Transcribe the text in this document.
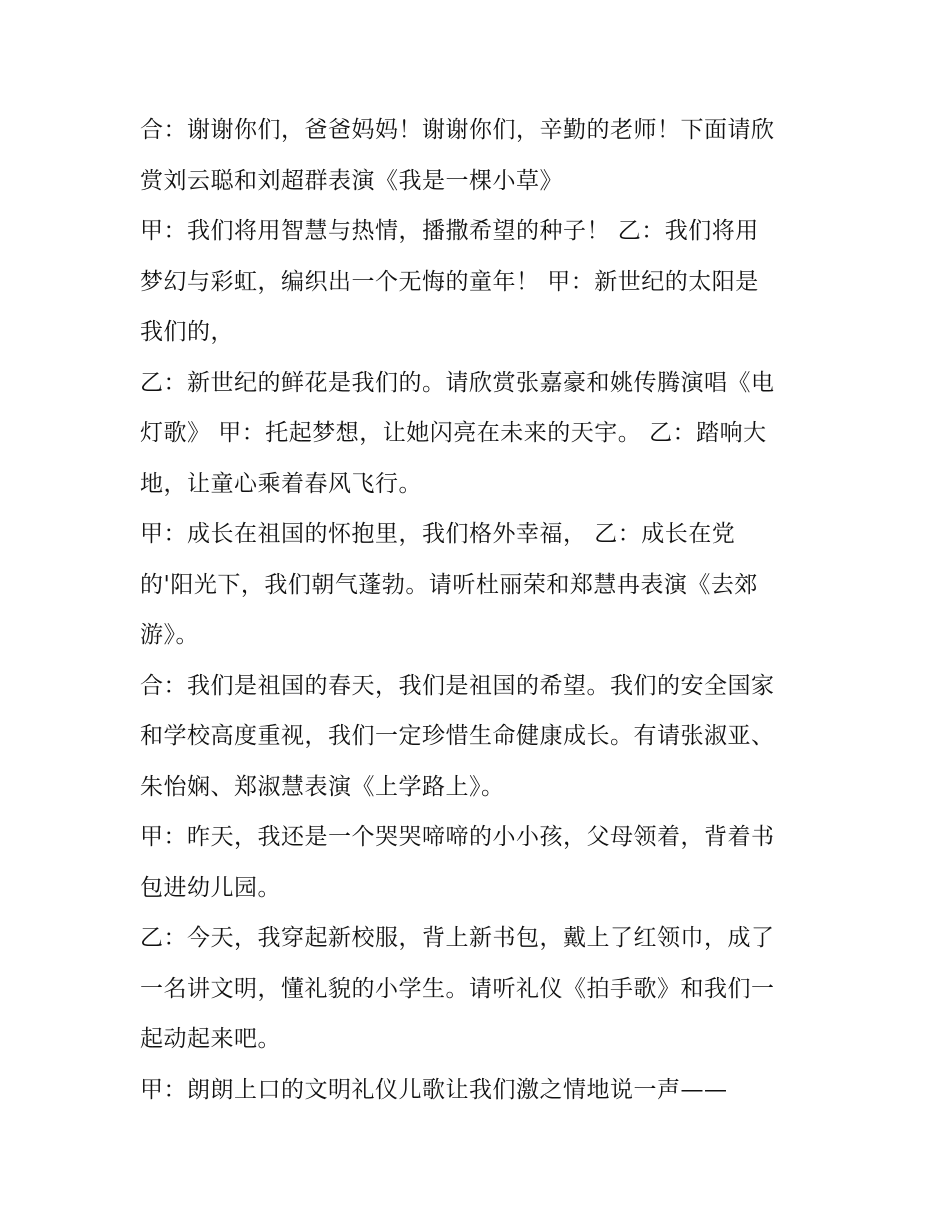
合：谢谢你们，爸爸妈妈！谢谢你们，辛勤的老师！下面请欣
赏刘云聪和刘超群表演《我是一棵小草》
甲：我们将用智慧与热情，播撒希望的种子！ 乙：我们将用
梦幻与彩虹，编织出一个无悔的童年！ 甲：新世纪的太阳是
我们的，
乙：新世纪的鲜花是我们的。请欣赏张嘉豪和姚传腾演唱《电
灯歌》 甲：托起梦想，让她闪亮在未来的天宇。 乙：踏响大
地，让童心乘着春风飞行。
甲：成长在祖国的怀抱里，我们格外幸福， 乙：成长在党
的'阳光下，我们朝气蓬勃。请听杜丽荣和郑慧冉表演《去郊
游》。
合：我们是祖国的春天，我们是祖国的希望。我们的安全国家
和学校高度重视，我们一定珍惜生命健康成长。有请张淑亚、
朱怡娴、郑淑慧表演《上学路上》。
甲：昨天，我还是一个哭哭啼啼的小小孩，父母领着，背着书
包进幼儿园。
乙：今天，我穿起新校服，背上新书包，戴上了红领巾，成了
一名讲文明，懂礼貌的小学生。请听礼仪《拍手歌》和我们一
起动起来吧。
甲：朗朗上口的文明礼仪儿歌让我们激之情地说一声——
